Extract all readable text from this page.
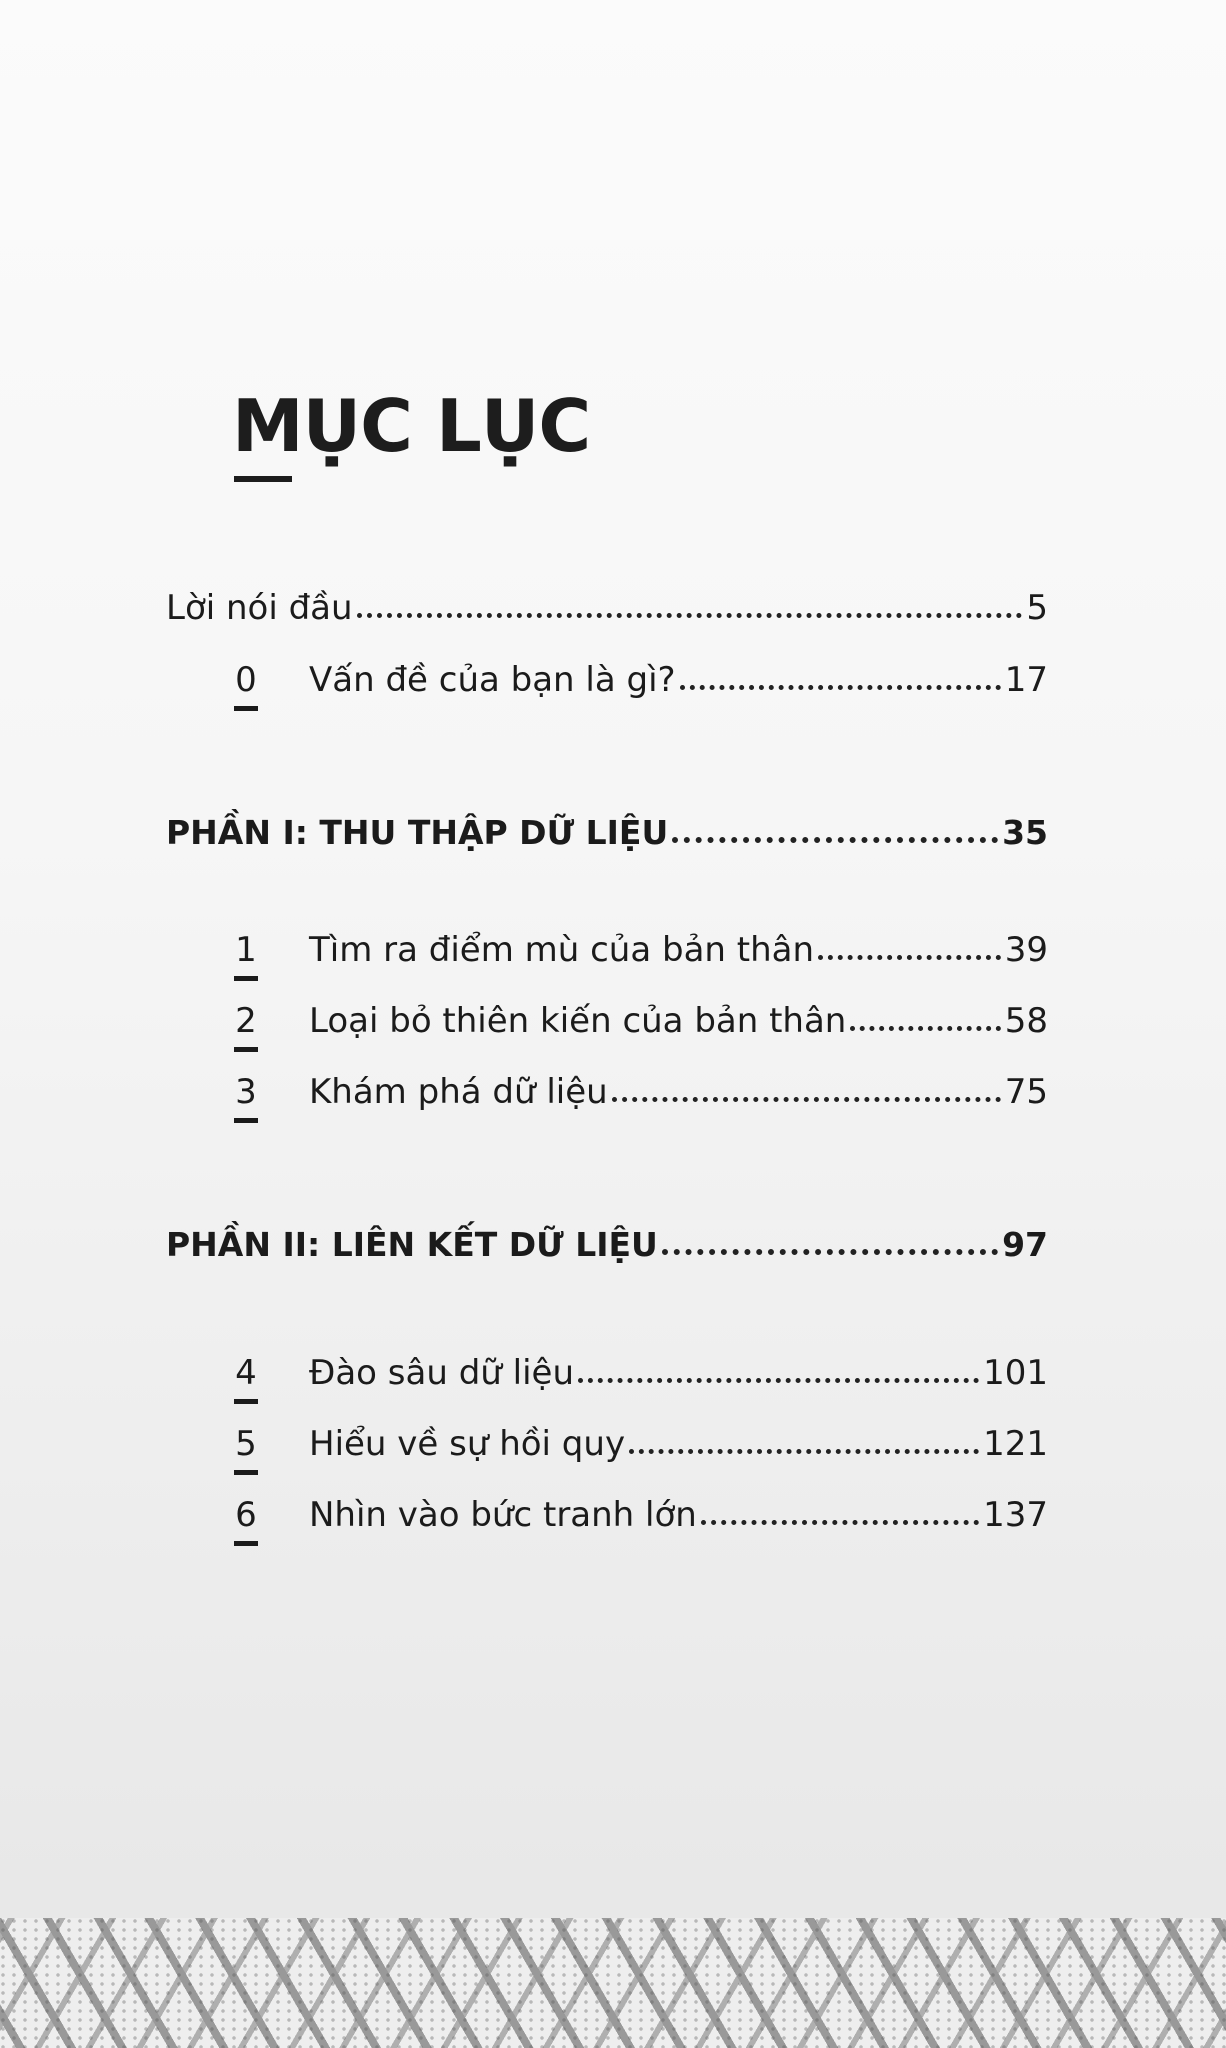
MỤC LỤC
Lời nói đầu	5
0 Vấn đề của bạn là gì?	17
PHẦN I: THU THẬP DỮ LIỆU	35
1 Tìm ra điểm mù của bản thân	39
2 Loại bỏ thiên kiến của bản thân	58
3 Khám phá dữ liệu	75
PHẦN II: LIÊN KẾT DỮ LIỆU	97
4 Đào sâu dữ liệu	101
5 Hiểu về sự hồi quy	121
6 Nhìn vào bức tranh lớn	137
